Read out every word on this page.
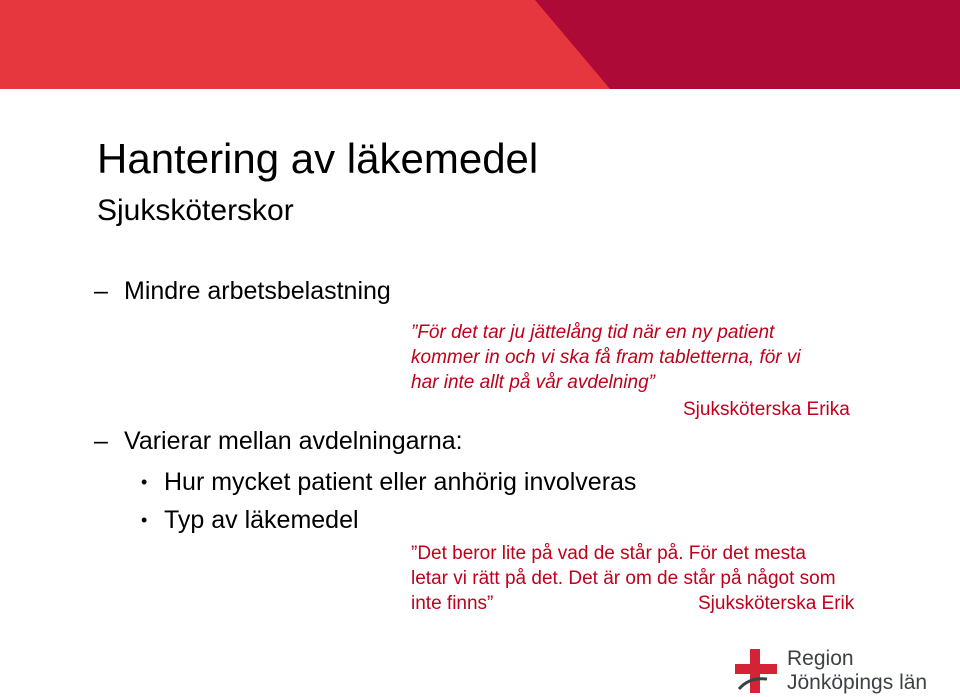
Hantering av läkemedel
Sjuksköterskor
– Mindre arbetsbelastning
”För det tar ju jättelång tid när en ny patient
kommer in och vi ska få fram tabletterna, för vi
har inte allt på vår avdelning”
Sjuksköterska Erika
– Varierar mellan avdelningarna:
• Hur mycket patient eller anhörig involveras
• Typ av läkemedel
”Det beror lite på vad de står på. För det mesta
letar vi rätt på det. Det är om de står på något som
inte finns”	Sjuksköterska Erik
Region
Jönköpings län
